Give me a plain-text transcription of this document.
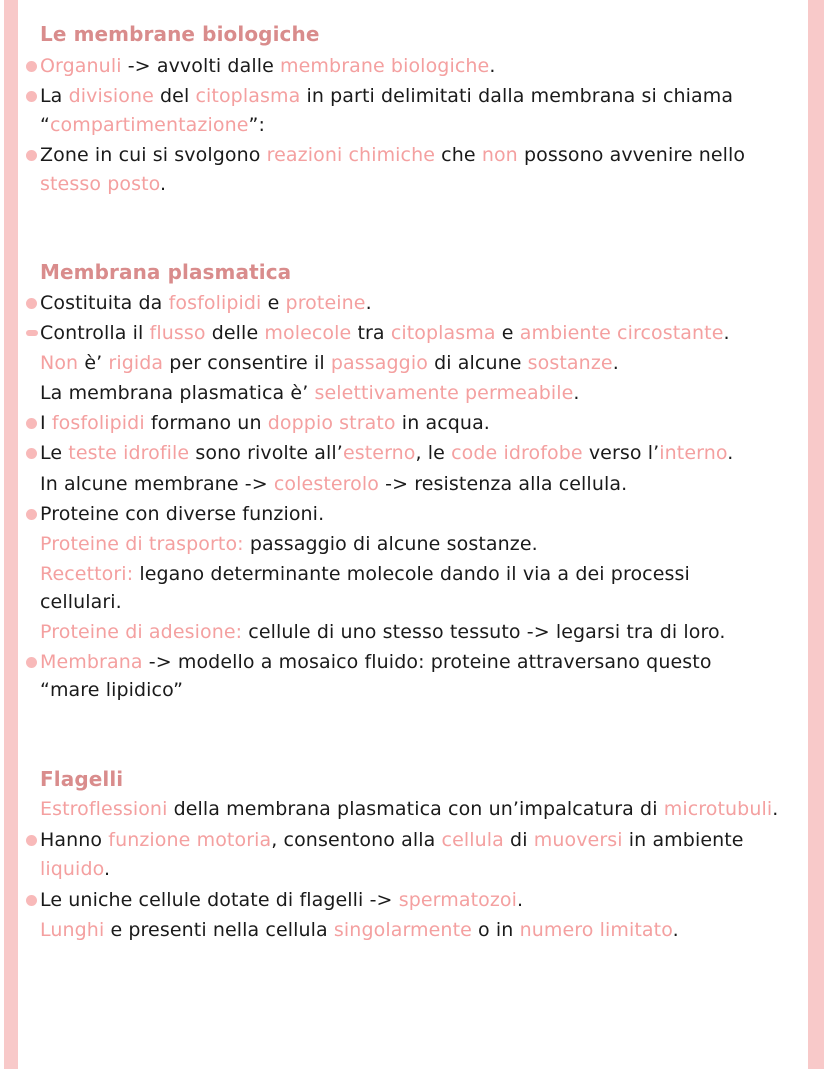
Le membrane biologiche
Organuli -> avvolti dalle membrane biologiche.
La divisione del citoplasma in parti delimitati dalla membrana si chiama
“compartimentazione”:
Zone in cui si svolgono reazioni chimiche che non possono avvenire nello
stesso posto.
Membrana plasmatica
Costituita da fosfolipidi e proteine.
Controlla il flusso delle molecole tra citoplasma e ambiente circostante.
Non è’ rigida per consentire il passaggio di alcune sostanze.
La membrana plasmatica è’ selettivamente permeabile.
I fosfolipidi formano un doppio strato in acqua.
Le teste idrofile sono rivolte all’esterno, le code idrofobe verso l’interno.
In alcune membrane -> colesterolo -> resistenza alla cellula.
Proteine con diverse funzioni.
Proteine di trasporto: passaggio di alcune sostanze.
Recettori: legano determinante molecole dando il via a dei processi
cellulari.
Proteine di adesione: cellule di uno stesso tessuto -> legarsi tra di loro.
Membrana -> modello a mosaico fluido: proteine attraversano questo
“mare lipidico”
Flagelli
Estroflessioni della membrana plasmatica con un’impalcatura di microtubuli.
Hanno funzione motoria, consentono alla cellula di muoversi in ambiente
liquido.
Le uniche cellule dotate di flagelli -> spermatozoi.
Lunghi e presenti nella cellula singolarmente o in numero limitato.
